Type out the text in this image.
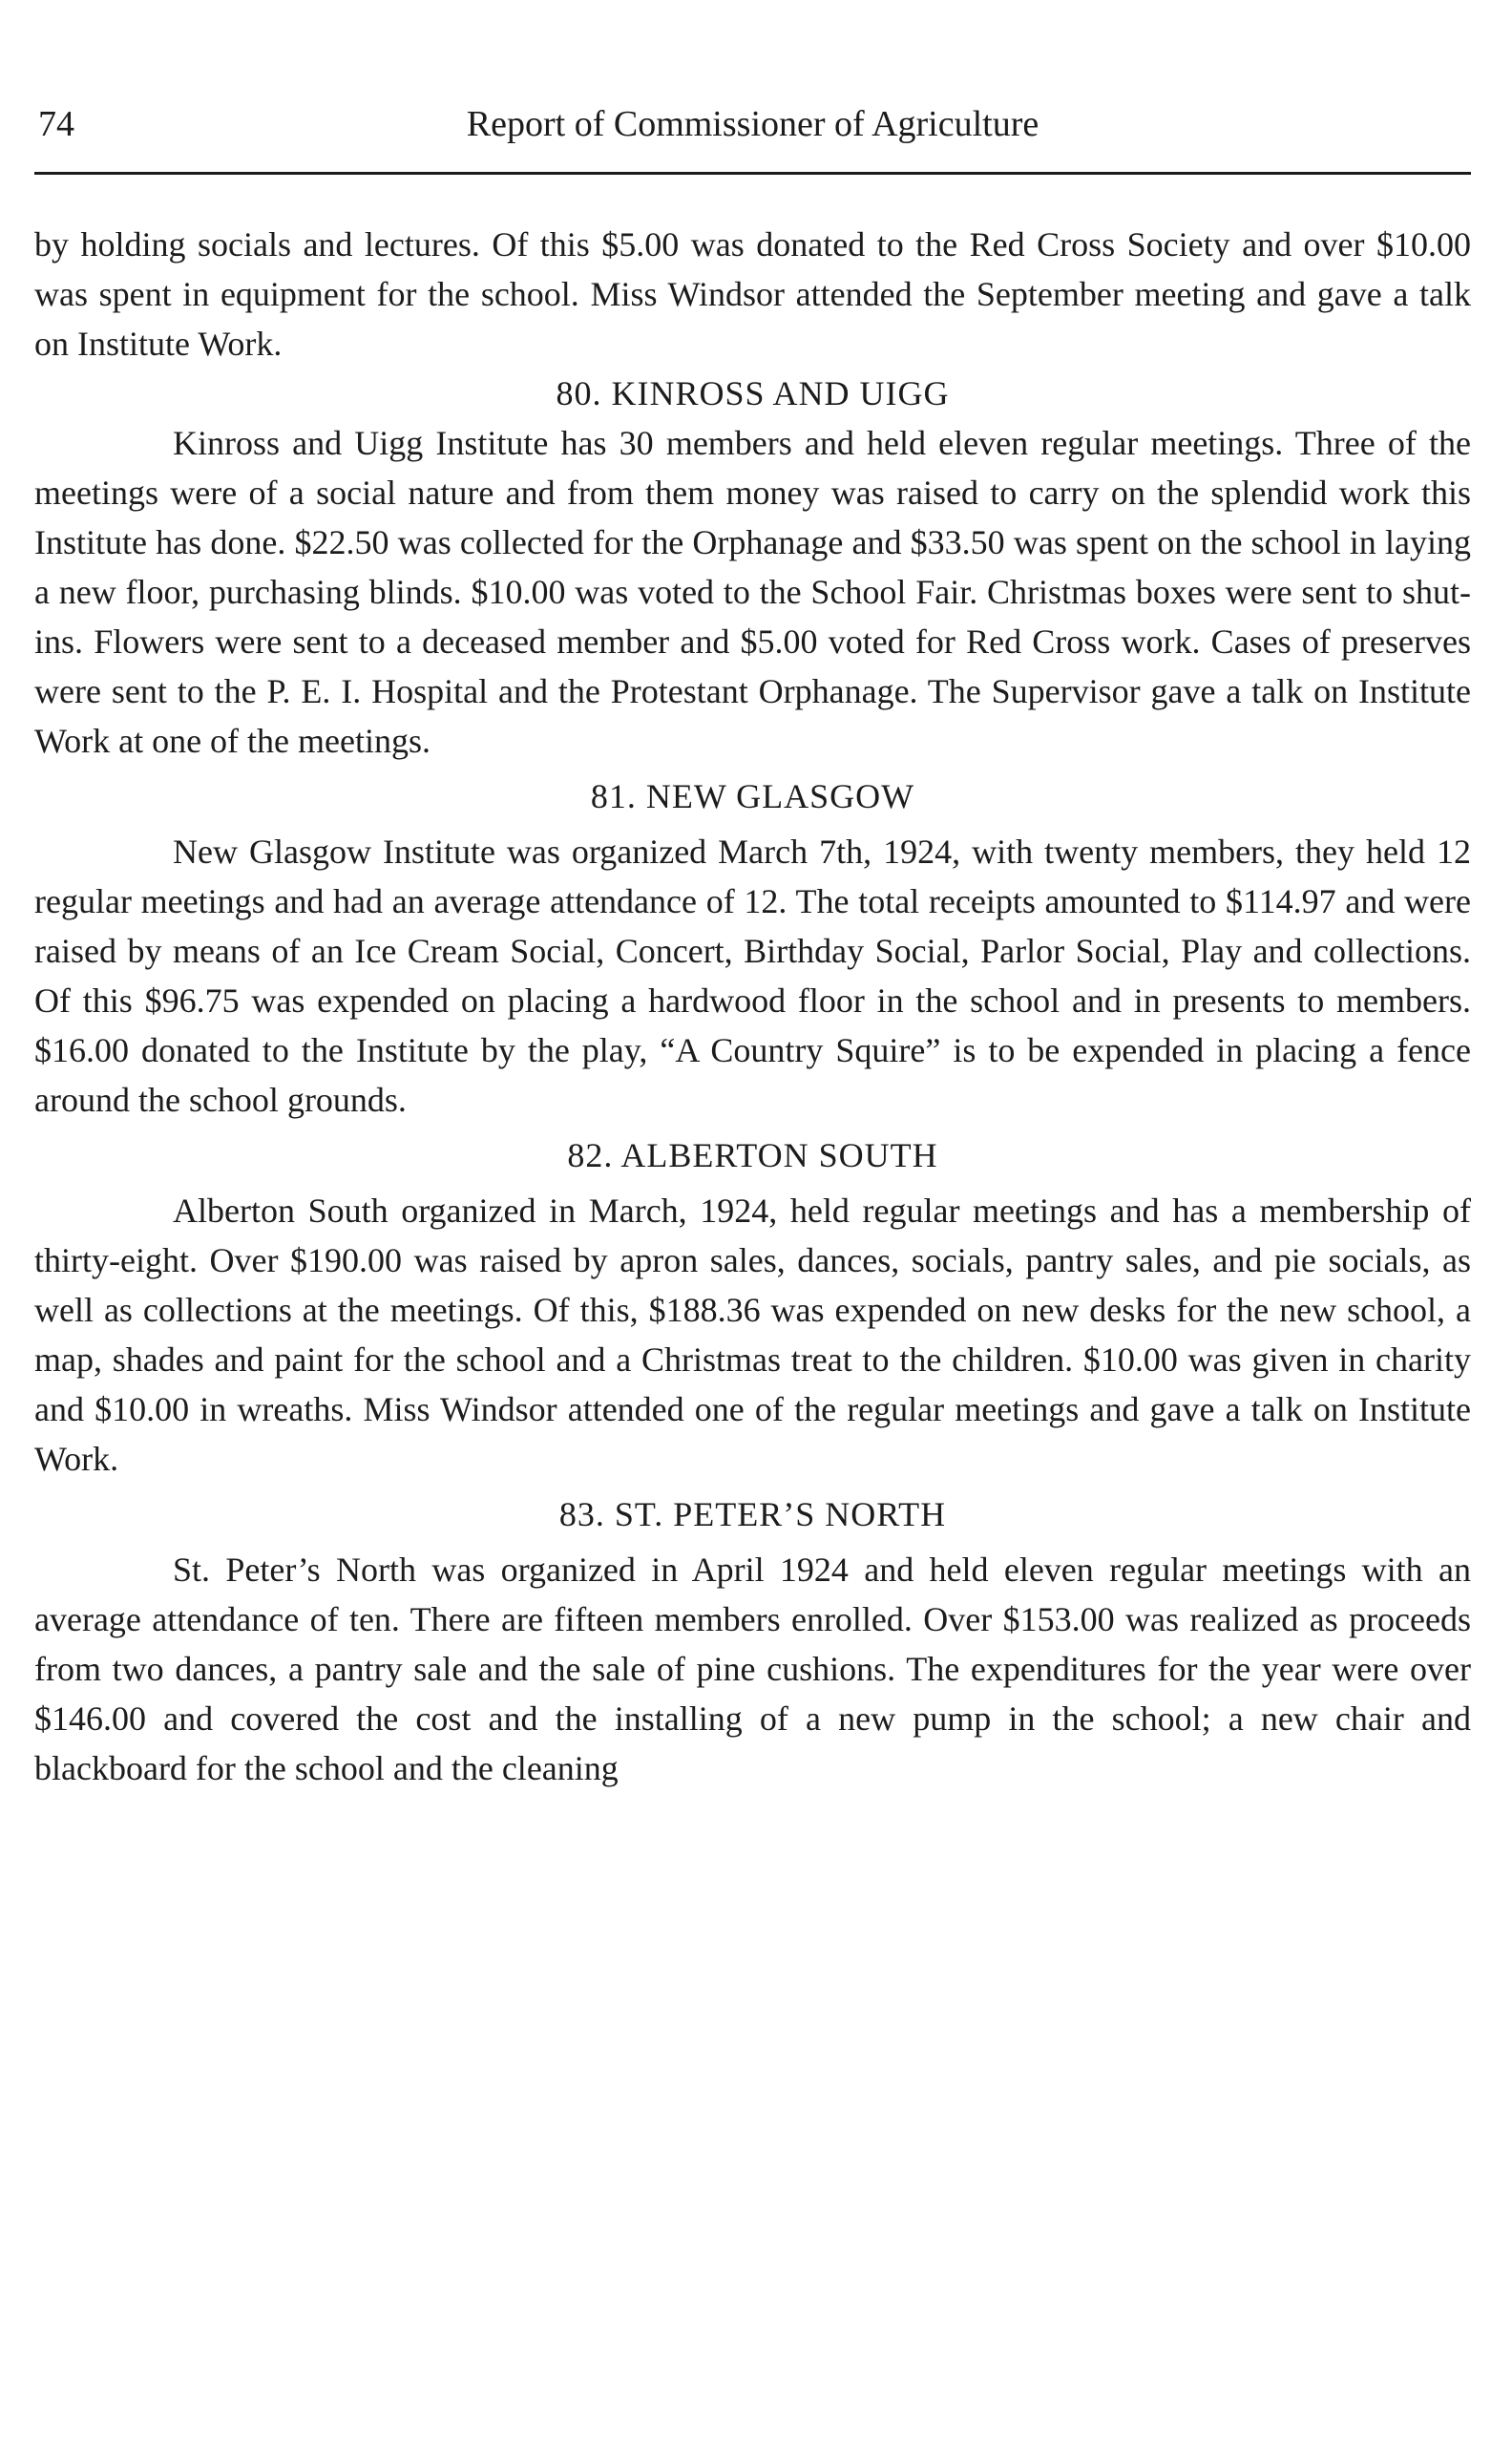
74	Report of Commissioner of Agriculture

by holding socials and lectures. Of this $5.00 was donated to the Red Cross Society and over $10.00 was spent in equipment for the school. Miss Windsor attended the September meeting and gave a talk on Institute Work.

80. KINROSS AND UIGG

Kinross and Uigg Institute has 30 members and held eleven regular meetings. Three of the meetings were of a social nature and from them money was raised to carry on the splendid work this Institute has done. $22.50 was collected for the Orphanage and $33.50 was spent on the school in laying a new floor, purchasing blinds. $10.00 was voted to the School Fair. Christmas boxes were sent to shut-ins. Flowers were sent to a deceased member and $5.00 voted for Red Cross work. Cases of preserves were sent to the P. E. I. Hospital and the Protestant Orphanage. The Supervisor gave a talk on Institute Work at one of the meetings.

81. NEW GLASGOW

New Glasgow Institute was organized March 7th, 1924, with twenty members, they held 12 regular meetings and had an average attendance of 12. The total receipts amounted to $114.97 and were raised by means of an Ice Cream Social, Concert, Birthday Social, Parlor Social, Play and collections. Of this $96.75 was expended on placing a hardwood floor in the school and in presents to members. $16.00 donated to the Institute by the play, “A Country Squire” is to be expended in placing a fence around the school grounds.

82. ALBERTON SOUTH

Alberton South organized in March, 1924, held regular meetings and has a membership of thirty-eight. Over $190.00 was raised by apron sales, dances, socials, pantry sales, and pie socials, as well as collections at the meetings. Of this, $188.36 was expended on new desks for the new school, a map, shades and paint for the school and a Christmas treat to the children. $10.00 was given in charity and $10.00 in wreaths. Miss Windsor attended one of the regular meetings and gave a talk on Institute Work.

83. ST. PETER’S NORTH

St. Peter’s North was organized in April 1924 and held eleven regular meetings with an average attendance of ten. There are fifteen members enrolled. Over $153.00 was realized as proceeds from two dances, a pantry sale and the sale of pine cushions. The expenditures for the year were over $146.00 and covered the cost and the installing of a new pump in the school; a new chair and blackboard for the school and the cleaning
